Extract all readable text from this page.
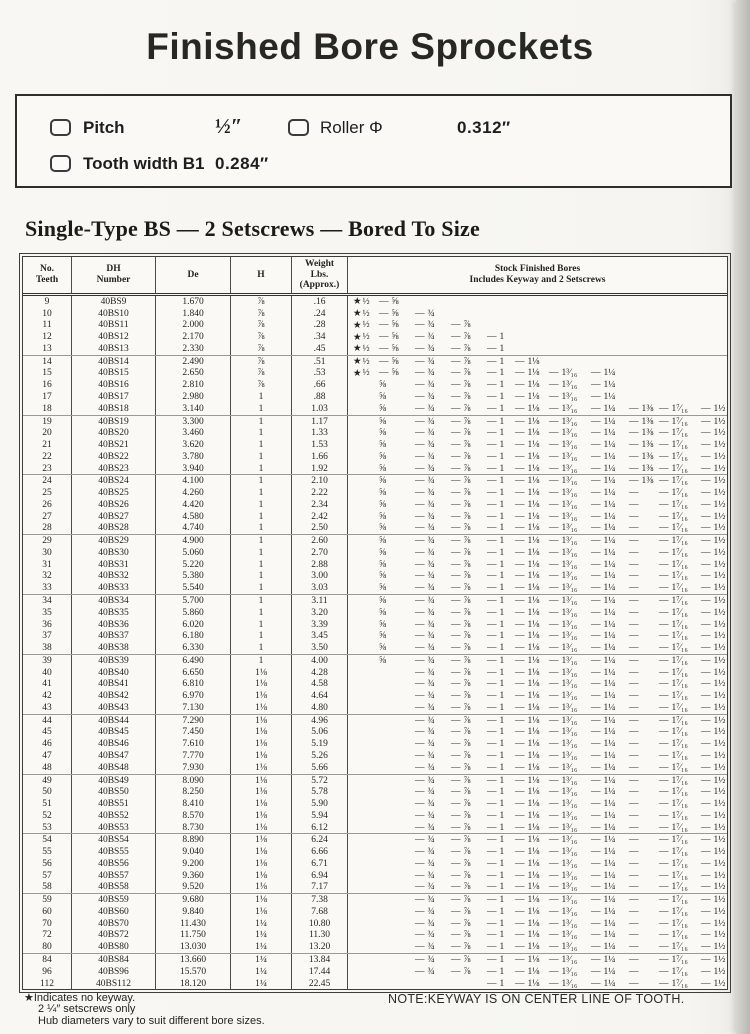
Finished Bore Sprockets
Pitch	½″	Roller Φ	0.312″
Tooth width B1 0.284″
Single-Type BS — 2 Setscrews — Bored To Size
No.
Teeth
DH
Number
De	H
Weight
Lbs.
(Approx.)
Stock Finished Bores
Includes Keyway and 2 Setscrews
9	40BS9	1.670	⅞	.16	★ ½ — ⅝
10	40BS10	1.840	⅞	.24	★ ½ — ⅝ — ¾
11	40BS11	2.000	⅞	.28	★ ½ — ⅝ — ¾ — ⅞
12	40BS12	2.170	⅞	.34	★ ½ — ⅝ — ¾ — ⅞ — 1
13	40BS13	2.330	⅞	.45	★ ½ — ⅝ — ¾ — ⅞ — 1
14	40BS14	2.490	⅞	.51	★ ½ — ⅝ — ¾ — ⅞ — 1 — 1⅛
15	40BS15	2.650	⅞	.53	★ ½ — ⅝ — ¾ — ⅞ — 1 — 1⅛ — 1³⁄₁₆ — 1¼
16	40BS16	2.810	⅞	.66	⅝	— ¾ — ⅞ — 1 — 1⅛ — 1³⁄₁₆ — 1¼
17	40BS17	2.980	1	.88	⅝	— ¾ — ⅞ — 1 — 1⅛ — 1³⁄₁₆ — 1¼
18	40BS18	3.140	1	1.03	⅝	— ¾ — ⅞ — 1 — 1⅛ — 1³⁄₁₆ — 1¼ — 1⅜ — 1⁷⁄₁₆ — 1½
19	40BS19	3.300	1	1.17	⅝	— ¾ — ⅞ — 1 — 1⅛ — 1³⁄₁₆ — 1¼ — 1⅜ — 1⁷⁄₁₆ — 1½
20	40BS20	3.460	1	1.33	⅝	— ¾ — ⅞ — 1 — 1⅛ — 1³⁄₁₆ — 1¼ — 1⅜ — 1⁷⁄₁₆ — 1½
21	40BS21	3.620	1	1.53	⅝	— ¾ — ⅞ — 1 — 1⅛ — 1³⁄₁₆ — 1¼ — 1⅜ — 1⁷⁄₁₆ — 1½
22	40BS22	3.780	1	1.66	⅝	— ¾ — ⅞ — 1 — 1⅛ — 1³⁄₁₆ — 1¼ — 1⅜ — 1⁷⁄₁₆ — 1½
23	40BS23	3.940	1	1.92	⅝	— ¾ — ⅞ — 1 — 1⅛ — 1³⁄₁₆ — 1¼ — 1⅜ — 1⁷⁄₁₆ — 1½
24	40BS24	4.100	1	2.10	⅝	— ¾ — ⅞ — 1 — 1⅛ — 1³⁄₁₆ — 1¼ — 1⅜ — 1⁷⁄₁₆ — 1½
25	40BS25	4.260	1	2.22	⅝	— ¾ — ⅞ — 1 — 1⅛ — 1³⁄₁₆ — 1¼ — — 1⁷⁄₁₆ — 1½
26	40BS26	4.420	1	2.34	⅝	— ¾ — ⅞ — 1 — 1⅛ — 1³⁄₁₆ — 1¼ — — 1⁷⁄₁₆ — 1½
27	40BS27	4.580	1	2.42	⅝	— ¾ — ⅞ — 1 — 1⅛ — 1³⁄₁₆ — 1¼ — — 1⁷⁄₁₆ — 1½
28	40BS28	4.740	1	2.50	⅝	— ¾ — ⅞ — 1 — 1⅛ — 1³⁄₁₆ — 1¼ — — 1⁷⁄₁₆ — 1½
29	40BS29	4.900	1	2.60	⅝	— ¾ — ⅞ — 1 — 1⅛ — 1³⁄₁₆ — 1¼ — — 1⁷⁄₁₆ — 1½
30	40BS30	5.060	1	2.70	⅝	— ¾ — ⅞ — 1 — 1⅛ — 1³⁄₁₆ — 1¼ — — 1⁷⁄₁₆ — 1½
31	40BS31	5.220	1	2.88	⅝	— ¾ — ⅞ — 1 — 1⅛ — 1³⁄₁₆ — 1¼ — — 1⁷⁄₁₆ — 1½
32	40BS32	5.380	1	3.00	⅝	— ¾ — ⅞ — 1 — 1⅛ — 1³⁄₁₆ — 1¼ — — 1⁷⁄₁₆ — 1½
33	40BS33	5.540	1	3.03	⅝	— ¾ — ⅞ — 1 — 1⅛ — 1³⁄₁₆ — 1¼ — — 1⁷⁄₁₆ — 1½
34	40BS34	5.700	1	3.11	⅝	— ¾ — ⅞ — 1 — 1⅛ — 1³⁄₁₆ — 1¼ — — 1⁷⁄₁₆ — 1½
35	40BS35	5.860	1	3.20	⅝	— ¾ — ⅞ — 1 — 1⅛ — 1³⁄₁₆ — 1¼ — — 1⁷⁄₁₆ — 1½
36	40BS36	6.020	1	3.39	⅝	— ¾ — ⅞ — 1 — 1⅛ — 1³⁄₁₆ — 1¼ — — 1⁷⁄₁₆ — 1½
37	40BS37	6.180	1	3.45	⅝	— ¾ — ⅞ — 1 — 1⅛ — 1³⁄₁₆ — 1¼ — — 1⁷⁄₁₆ — 1½
38	40BS38	6.330	1	3.50	⅝	— ¾ — ⅞ — 1 — 1⅛ — 1³⁄₁₆ — 1¼ — — 1⁷⁄₁₆ — 1½
39	40BS39	6.490	1	4.00	⅝	— ¾ — ⅞ — 1 — 1⅛ — 1³⁄₁₆ — 1¼ — — 1⁷⁄₁₆ — 1½
40	40BS40	6.650	1⅛	4.28	— ¾ — ⅞ — 1 — 1⅛ — 1³⁄₁₆ — 1¼ — — 1⁷⁄₁₆ — 1½
41	40BS41	6.810	1⅛	4.58	— ¾ — ⅞ — 1 — 1⅛ — 1³⁄₁₆ — 1¼ — — 1⁷⁄₁₆ — 1½
42	40BS42	6.970	1⅛	4.64	— ¾ — ⅞ — 1 — 1⅛ — 1³⁄₁₆ — 1¼ — — 1⁷⁄₁₆ — 1½
43	40BS43	7.130	1⅛	4.80	— ¾ — ⅞ — 1 — 1⅛ — 1³⁄₁₆ — 1¼ — — 1⁷⁄₁₆ — 1½
44	40BS44	7.290	1⅛	4.96	— ¾ — ⅞ — 1 — 1⅛ — 1³⁄₁₆ — 1¼ — — 1⁷⁄₁₆ — 1½
45	40BS45	7.450	1⅛	5.06	— ¾ — ⅞ — 1 — 1⅛ — 1³⁄₁₆ — 1¼ — — 1⁷⁄₁₆ — 1½
46	40BS46	7.610	1⅛	5.19	— ¾ — ⅞ — 1 — 1⅛ — 1³⁄₁₆ — 1¼ — — 1⁷⁄₁₆ — 1½
47	40BS47	7.770	1⅛	5.26	— ¾ — ⅞ — 1 — 1⅛ — 1³⁄₁₆ — 1¼ — — 1⁷⁄₁₆ — 1½
48	40BS48	7.930	1⅛	5.66	— ¾ — ⅞ — 1 — 1⅛ — 1³⁄₁₆ — 1¼ — — 1⁷⁄₁₆ — 1½
49	40BS49	8.090	1⅛	5.72	— ¾ — ⅞ — 1 — 1⅛ — 1³⁄₁₆ — 1¼ — — 1⁷⁄₁₆ — 1½
50	40BS50	8.250	1⅛	5.78	— ¾ — ⅞ — 1 — 1⅛ — 1³⁄₁₆ — 1¼ — — 1⁷⁄₁₆ — 1½
51	40BS51	8.410	1⅛	5.90	— ¾ — ⅞ — 1 — 1⅛ — 1³⁄₁₆ — 1¼ — — 1⁷⁄₁₆ — 1½
52	40BS52	8.570	1⅛	5.94	— ¾ — ⅞ — 1 — 1⅛ — 1³⁄₁₆ — 1¼ — — 1⁷⁄₁₆ — 1½
53	40BS53	8.730	1⅛	6.12	— ¾ — ⅞ — 1 — 1⅛ — 1³⁄₁₆ — 1¼ — — 1⁷⁄₁₆ — 1½
54	40BS54	8.890	1⅛	6.24	— ¾ — ⅞ — 1 — 1⅛ — 1³⁄₁₆ — 1¼ — — 1⁷⁄₁₆ — 1½
55	40BS55	9.040	1⅛	6.66	— ¾ — ⅞ — 1 — 1⅛ — 1³⁄₁₆ — 1¼ — — 1⁷⁄₁₆ — 1½
56	40BS56	9.200	1⅛	6.71	— ¾ — ⅞ — 1 — 1⅛ — 1³⁄₁₆ — 1¼ — — 1⁷⁄₁₆ — 1½
57	40BS57	9.360	1⅛	6.94	— ¾ — ⅞ — 1 — 1⅛ — 1³⁄₁₆ — 1¼ — — 1⁷⁄₁₆ — 1½
58	40BS58	9.520	1⅛	7.17	— ¾ — ⅞ — 1 — 1⅛ — 1³⁄₁₆ — 1¼ — — 1⁷⁄₁₆ — 1½
59	40BS59	9.680	1⅛	7.38	— ¾ — ⅞ — 1 — 1⅛ — 1³⁄₁₆ — 1¼ — — 1⁷⁄₁₆ — 1½
60	40BS60	9.840	1⅛	7.68	— ¾ — ⅞ — 1 — 1⅛ — 1³⁄₁₆ — 1¼ — — 1⁷⁄₁₆ — 1½
70	40BS70	11.430	1¼	10.80	— ¾ — ⅞ — 1 — 1⅛ — 1³⁄₁₆ — 1¼ — — 1⁷⁄₁₆ — 1½
72	40BS72	11.750	1¼	11.30	— ¾ — ⅞ — 1 — 1⅛ — 1³⁄₁₆ — 1¼ — — 1⁷⁄₁₆ — 1½
80	40BS80	13.030	1¼	13.20	— ¾ — ⅞ — 1 — 1⅛ — 1³⁄₁₆ — 1¼ — — 1⁷⁄₁₆ — 1½
84	40BS84	13.660	1¼	13.84	— ¾ — ⅞ — 1 — 1⅛ — 1³⁄₁₆ — 1¼ — — 1⁷⁄₁₆ — 1½
96	40BS96	15.570	1¼	17.44	— ¾ — ⅞ — 1 — 1⅛ — 1³⁄₁₆ — 1¼ — — 1⁷⁄₁₆ — 1½
112	40BS112	18.120	1¼	22.45	— 1 — 1⅛ — 1³⁄₁₆ — 1¼ — — 1⁷⁄₁₆ — 1½
★Indicates no keyway.
2 ¼″ setscrews only
Hub diameters vary to suit different bore sizes.
NOTE:KEYWAY IS ON CENTER LINE OF TOOTH.
